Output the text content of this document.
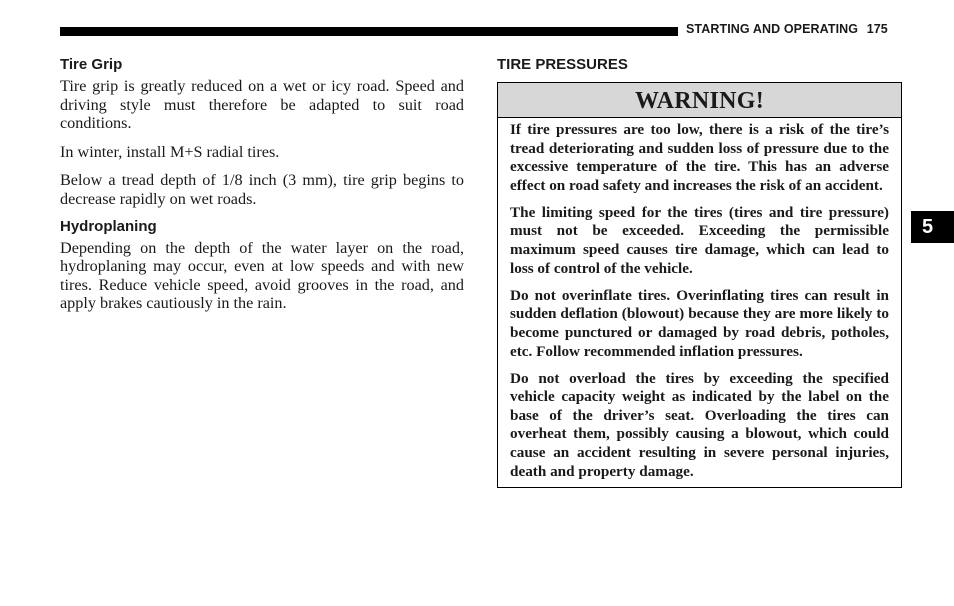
STARTING AND OPERATING 175
Tire Grip

Tire grip is greatly reduced on a wet or icy road. Speed and driving style must therefore be adapted to suit road conditions.

In winter, install M+S radial tires.

Below a tread depth of 1/8 inch (3 mm), tire grip begins to decrease rapidly on wet roads.

Hydroplaning

Depending on the depth of the water layer on the road, hydroplaning may occur, even at low speeds and with new tires. Reduce vehicle speed, avoid grooves in the road, and apply brakes cautiously in the rain.

TIRE PRESSURES
WARNING!

If tire pressures are too low, there is a risk of the tire’s tread deteriorating and sudden loss of pressure due to the excessive temperature of the tire. This has an adverse effect on road safety and increases the risk of an accident.

The limiting speed for the tires (tires and tire pressure) must not be exceeded. Exceeding the permissible maximum speed causes tire damage, which can lead to loss of control of the vehicle.

Do not overinflate tires. Overinflating tires can result in sudden deflation (blowout) because they are more likely to become punctured or damaged by road debris, potholes, etc. Follow recommended inflation pressures.

Do not overload the tires by exceeding the specified vehicle capacity weight as indicated by the label on the base of the driver’s seat. Overloading the tires can overheat them, possibly causing a blowout, which could cause an accident resulting in severe personal injuries, death and property damage.

5
